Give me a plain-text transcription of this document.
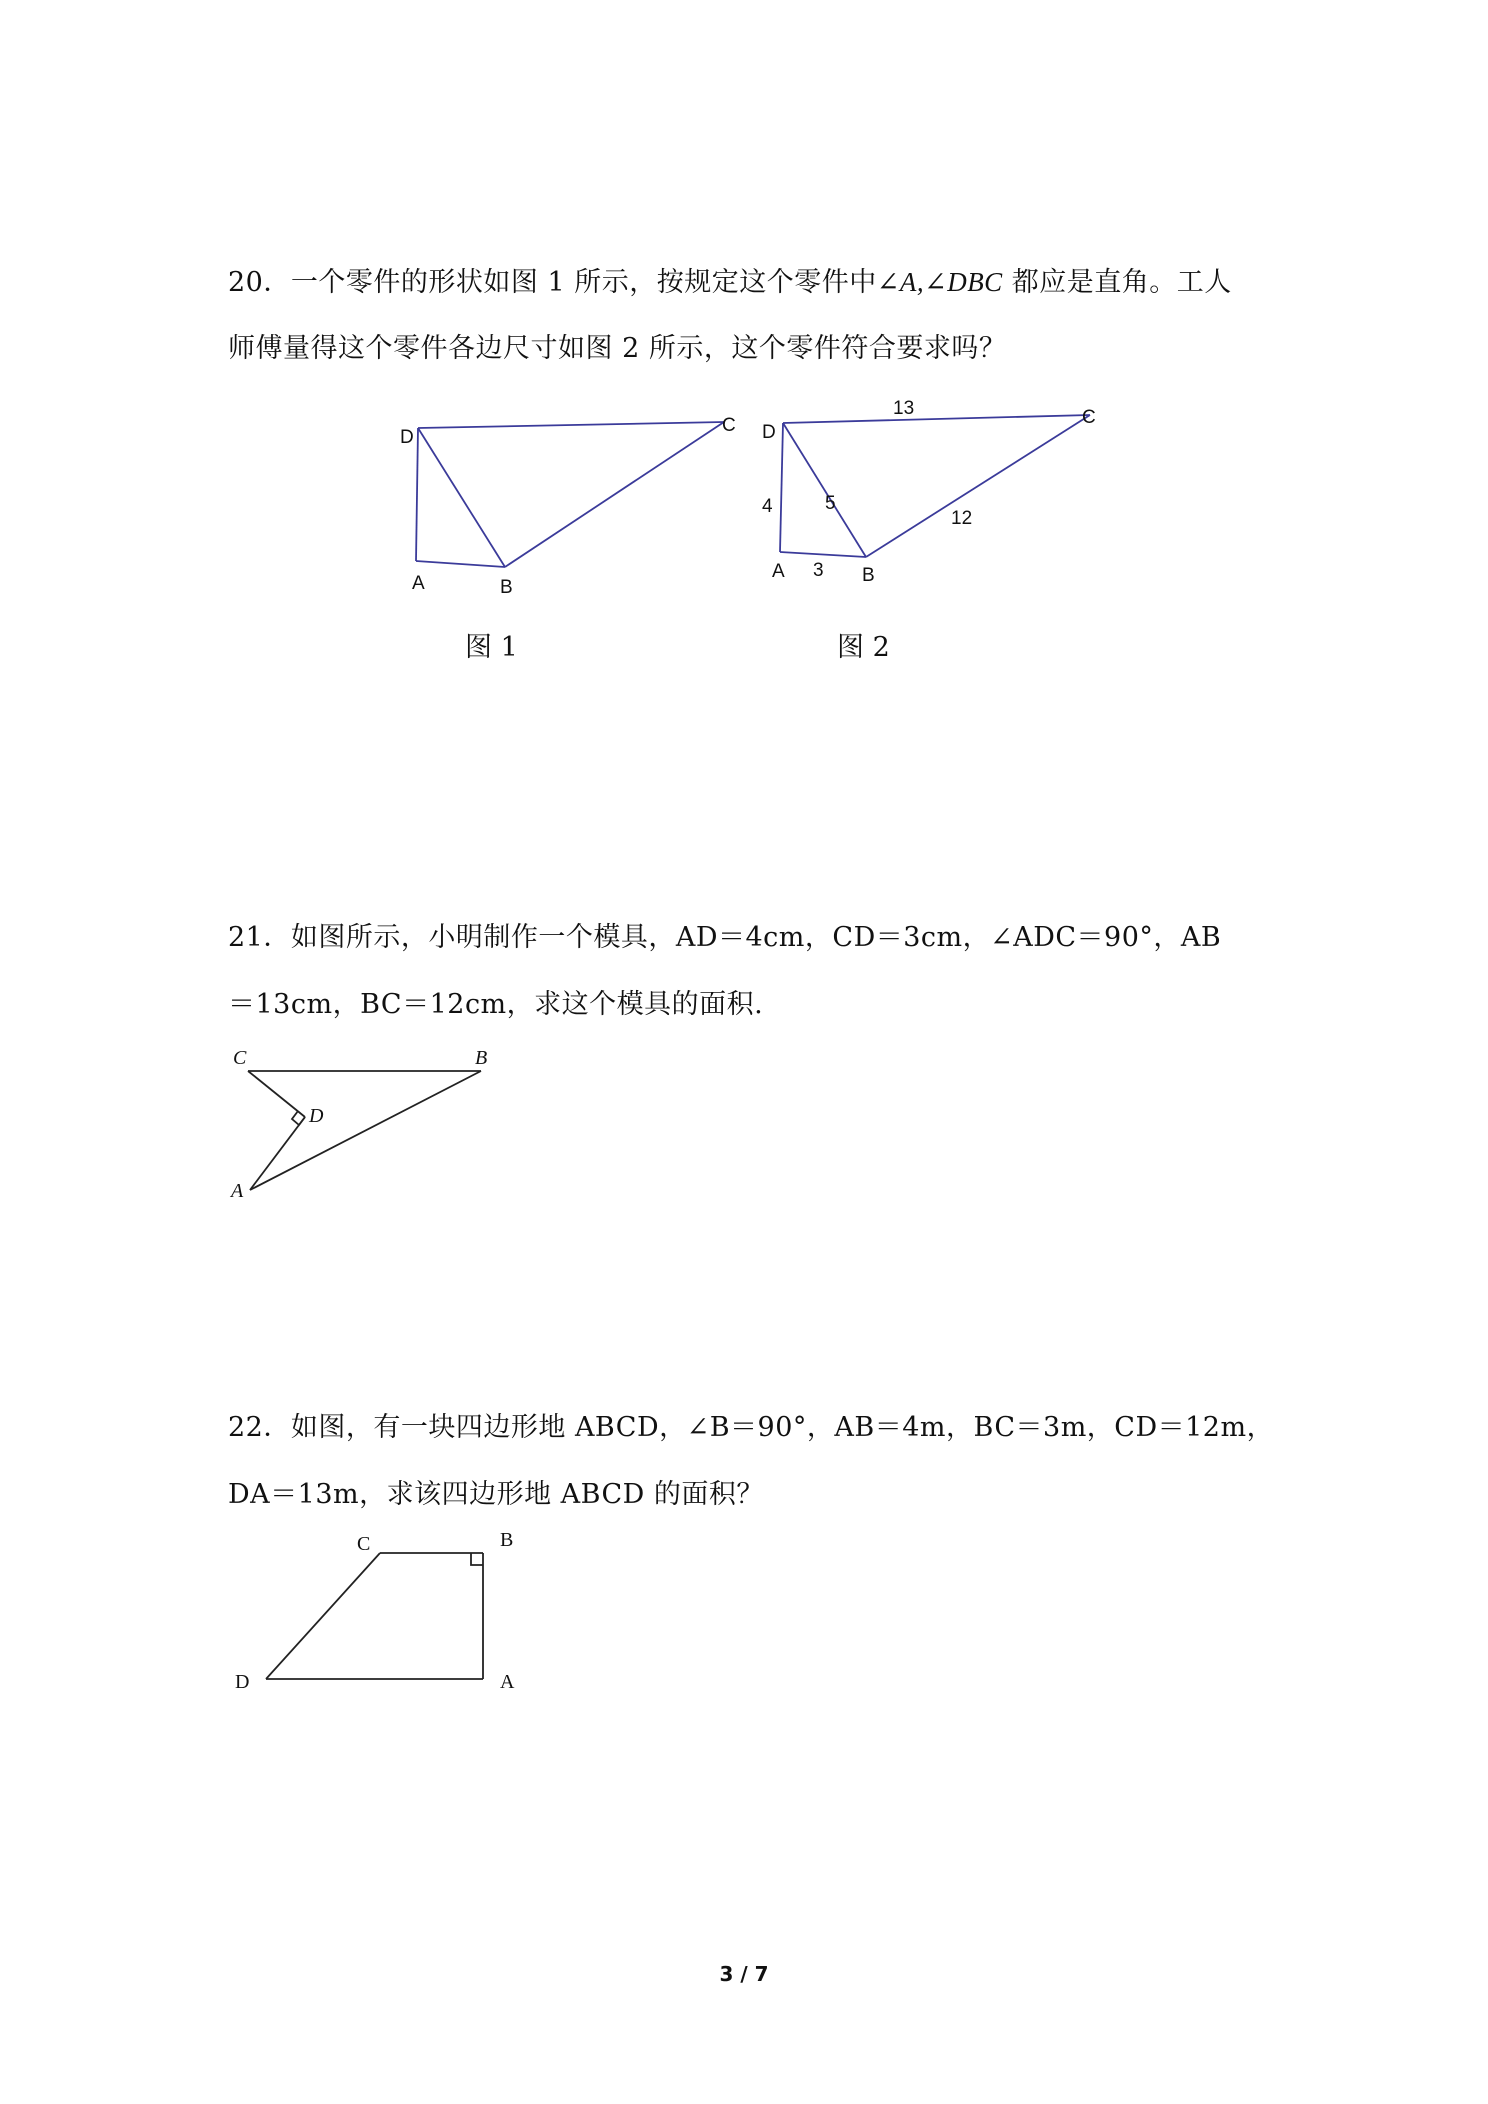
20．一个零件的形状如图 1 所示，按规定这个零件中∠A,∠DBC 都应是直角。工人
师傅量得这个零件各边尺寸如图 2 所示，这个零件符合要求吗？
D
C
A	B
图 1
D
C
A	B
13
4	5
12
3
图 2
21．如图所示，小明制作一个模具，AD＝4cm，CD＝3cm，∠ADC＝90°，AB
＝13cm，BC＝12cm，求这个模具的面积.
C	B
D
A
22．如图，有一块四边形地 ABCD，∠B＝90°，AB＝4m，BC＝3m，CD＝12m，
DA＝13m，求该四边形地 ABCD 的面积？
C	B
D	A
3 / 7
